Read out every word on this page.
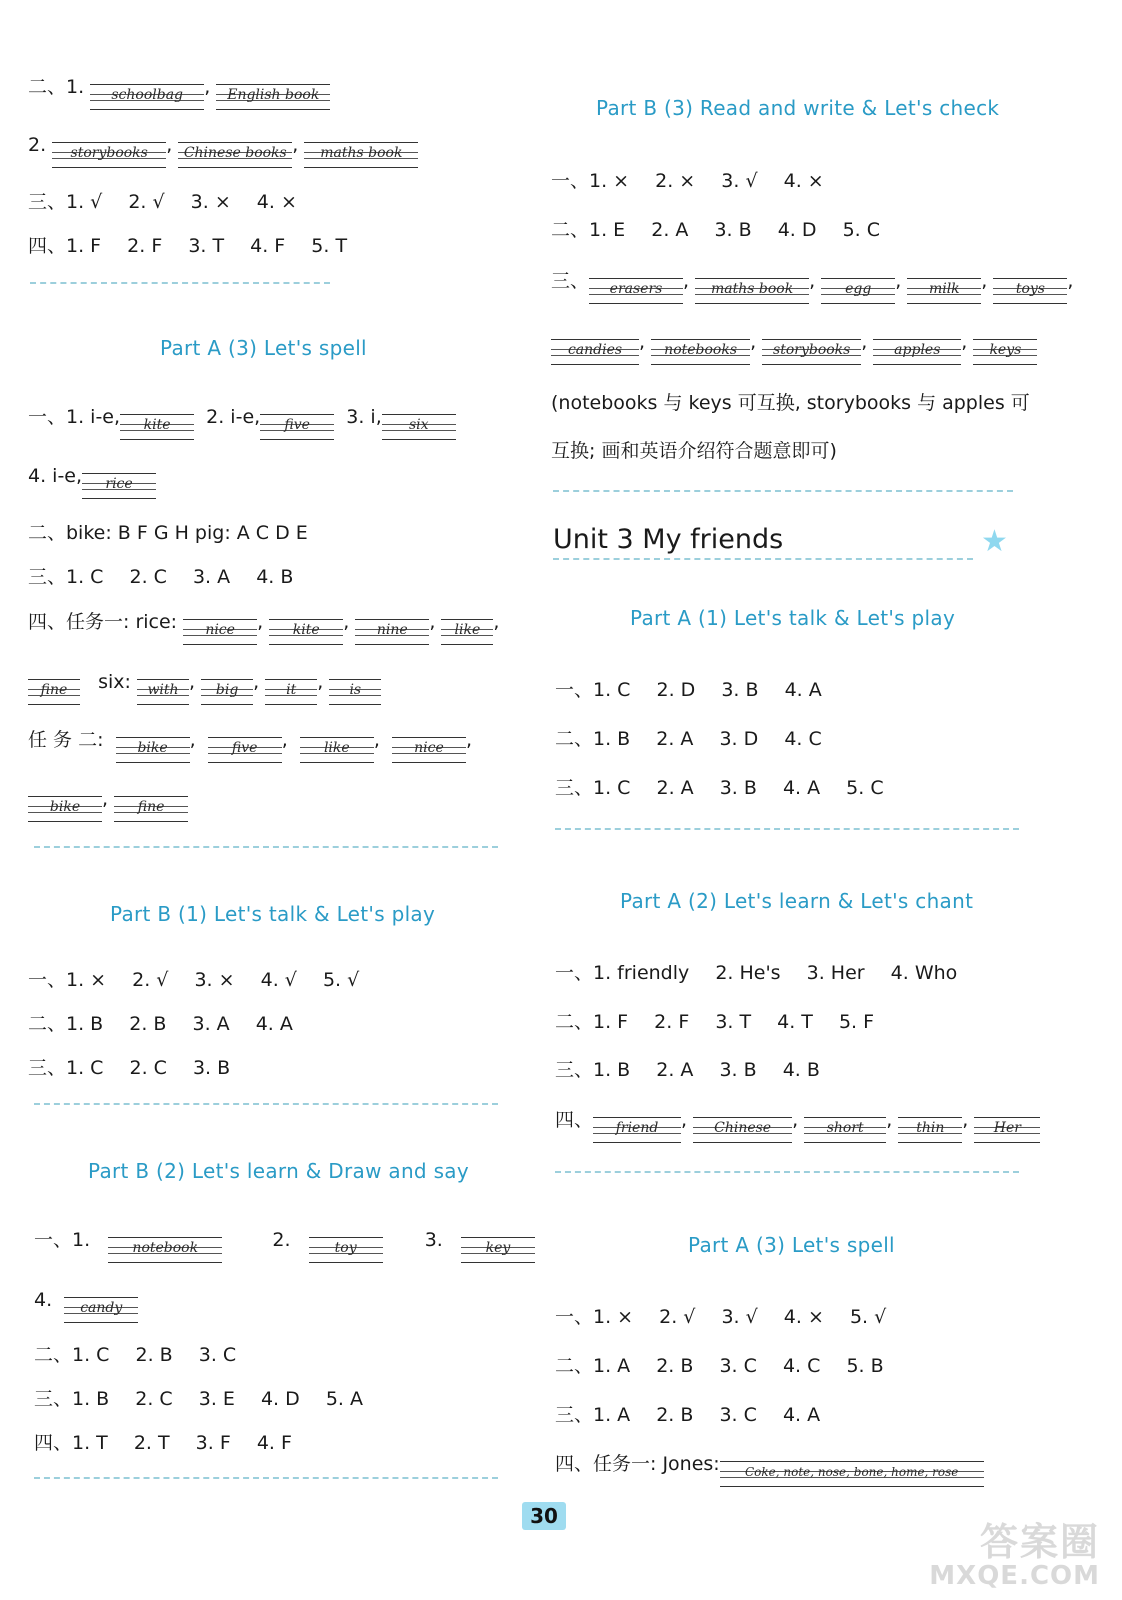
二、1. schoolbag , English book
2. storybooks , Chinese books , maths book
三、1. √ 2. √ 3. × 4. ×
四、1. F 2. F 3. T 4. F 5. T
Part A (3) Let's spell
一、1. i-e, kite 2. i-e, five 3. i, six
4. i-e, rice
二、bike: B F G H pig: A C D E
三、1. C 2. C 3. A 4. B
四、任务一: rice: nice , kite , nine , like ,
fine six: with , big , it , is
任 务 二: bike ,  five ,  like ,  nice ,
bike , fine
Part B (1) Let's talk & Let's play
一、1. × 2. √ 3. × 4. √ 5. √
二、1. B 2. B 3. A 4. A
三、1. C 2. C 3. B
Part B (2) Let's learn & Draw and say
一、1.	notebook	2.	toy	3.	key
4. candy
二、1. C 2. B 3. C
三、1. B 2. C 3. E 4. D 5. A
四、1. T 2. T 3. F 4. F
Part B (3) Read and write & Let's check
一、1. × 2. × 3. √ 4. ×
二、1. E 2. A 3. B 4. D 5. C
三、 erasers , maths book , egg , milk , toys ,
candies , notebooks , storybooks , apples , keys
(notebooks 与 keys 可互换, storybooks 与 apples 可
互换; 画和英语介绍符合题意即可)
Unit 3 My friends	★
Part A (1) Let's talk & Let's play
一、1. C 2. D 3. B 4. A
二、1. B 2. A 3. D 4. C
三、1. C 2. A 3. B 4. A 5. C
Part A (2) Let's learn & Let's chant
一、1. friendly 2. He's 3. Her 4. Who
二、1. F 2. F 3. T 4. T 5. F
三、1. B 2. A 3. B 4. B
四、 friend , Chinese , short , thin , Her
Part A (3) Let's spell
一、1. × 2. √ 3. √ 4. × 5. √
二、1. A 2. B 3. C 4. C 5. B
三、1. A 2. B 3. C 4. A
四、任务一: Jones: Coke, note, nose, bone, home, rose
30
答案圈
MXQE.COM
